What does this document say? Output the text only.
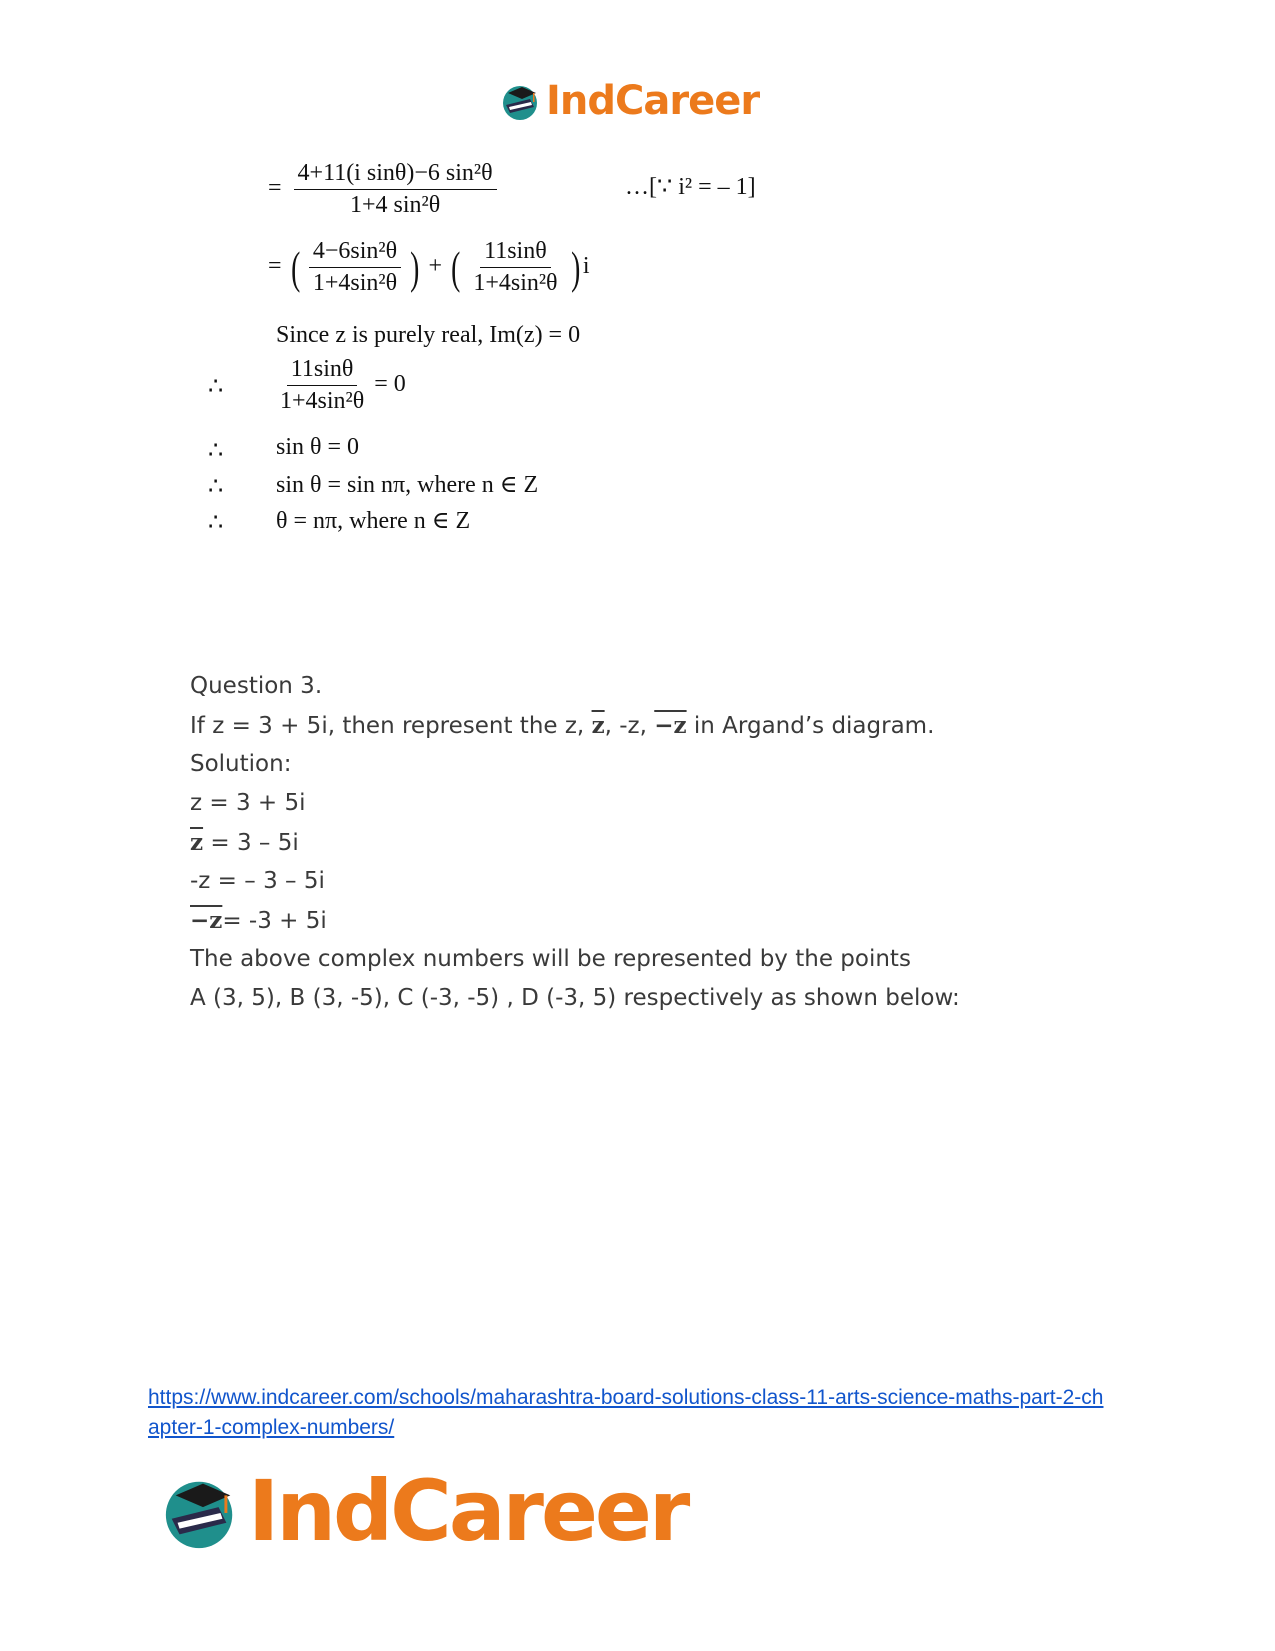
IndCareer
= $\frac{\text{4+11(i sinθ)−6 sin²θ}}{\text{1+4 sin²θ}}$	…[∵ i² = – 1]
= ( $\frac{\text{4−6sin²θ}}{\text{1+4sin²θ}}$ ) + ( $\frac{11\sin\theta}{\text{1+4sin²θ}}$ ) i
Since z is purely real, Im(z) = 0
∴ $\frac{11\sin\theta}{\text{1+4sin²θ}} = 0$
∴ sin θ = 0
∴ sin θ = sin nπ, where n ∈ Z
∴ θ = nπ, where n ∈ Z
Question 3.
If z = 3 + 5i, then represent the z, $\overline{z}$, -z, −z in Argand’s diagram.
Solution:
z = 3 + 5i
$\overline{z} = 3 - 5i$
-z = – 3 – 5i
−z= -3 + 5i
The above complex numbers will be represented by the points
A (3, 5), B (3, -5), C (-3, -5) , D (-3, 5) respectively as shown below:
https://www.indcareer.com/schools/maharashtra-board-solutions-class-11-arts-science-maths-part-2-chapter-1-complex-numbers/
IndCareer
